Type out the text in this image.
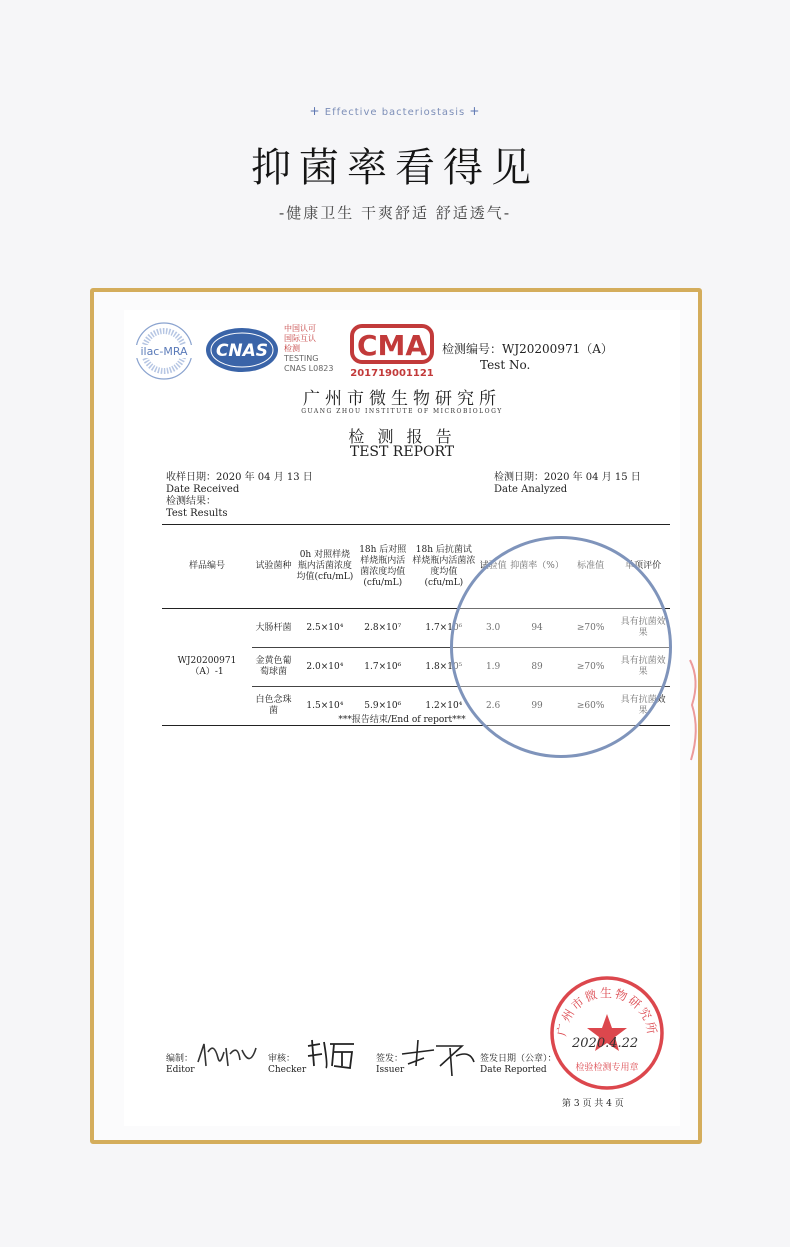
+ Effective bacteriostasis +
抑菌率看得见
-健康卫生 干爽舒适 舒适透气-
ilac-MRA CNAS
中国认可
国际互认
检测
TESTING
CNAS L0823
CMA
201719001121
检测编号：WJ20200971（A）
Test No.
广州市微生物研究所
GUANG ZHOU INSTITUTE OF MICROBIOLOGY
检 测 报 告
TEST REPORT
收样日期：2020 年 04 月 13 日
Date Received
检测结果：
Test Results
检测日期：2020 年 04 月 15 日
Date Analyzed
样品编号	试验菌种	0h 对照样烧瓶内活菌浓度均值(cfu/mL)	18h 后对照样烧瓶内活菌浓度均值(cfu/mL)	18h 后抗菌试样烧瓶内活菌浓度均值(cfu/mL)	试验值	抑菌率（%）	标准值	单项评价
WJ20200971（A）-1	大肠杆菌	2.5×10⁴	2.8×10⁷	1.7×10⁶	3.0	94	≥70%	具有抗菌效果
	金黄色葡萄球菌	2.0×10⁴	1.7×10⁶	1.8×10⁵	1.9	89	≥70%	具有抗菌效果
	白色念珠菌	1.5×10⁴	5.9×10⁶	1.2×10⁴	2.6	99	≥60%	具有抗菌效果
***报告结束/End of report***
编制：
Editor
审核：
Checker
签发：
Issuer
签发日期（公章）：
Date Reported
广州市微生物研究所
检验检测专用章
2020.4.22
第 3 页 共 4 页
